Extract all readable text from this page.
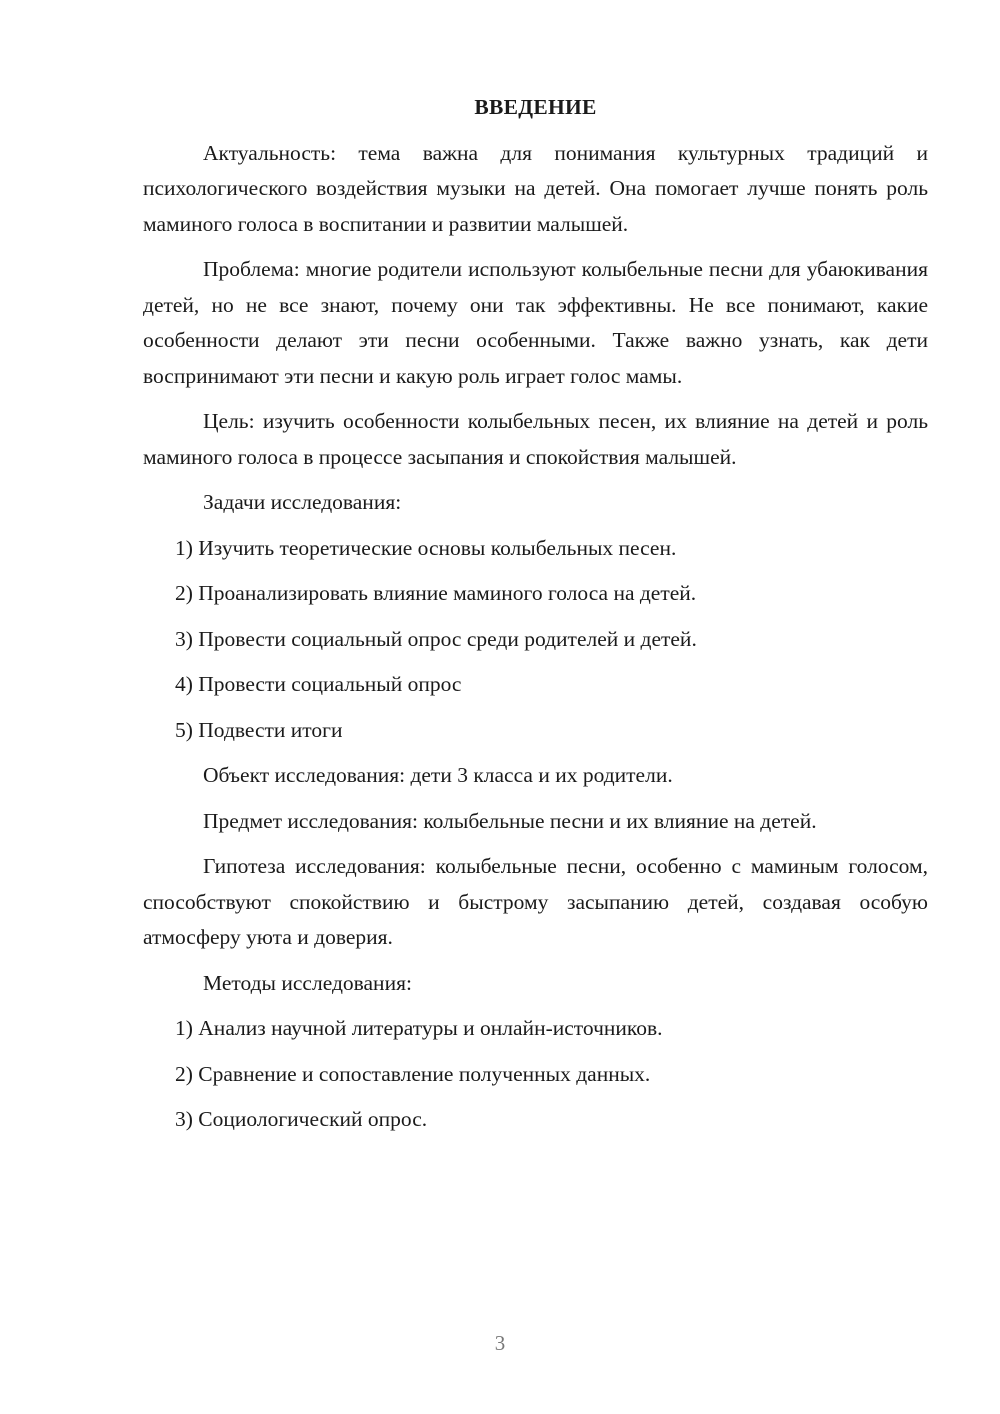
ВВЕДЕНИЕ

Актуальность: тема важна для понимания культурных традиций и психологического воздействия музыки на детей. Она помогает лучше понять роль маминого голоса в воспитании и развитии малышей.

Проблема: многие родители используют колыбельные песни для убаюкивания детей, но не все знают, почему они так эффективны. Не все понимают, какие особенности делают эти песни особенными. Также важно узнать, как дети воспринимают эти песни и какую роль играет голос мамы.

Цель: изучить особенности колыбельных песен, их влияние на детей и роль маминого голоса в процессе засыпания и спокойствия малышей.

Задачи исследования:
1) Изучить теоретические основы колыбельных песен.
2) Проанализировать влияние маминого голоса на детей.
3) Провести социальный опрос среди родителей и детей.
4) Провести социальный опрос
5) Подвести итоги
Объект исследования: дети 3 класса и их родители.
Предмет исследования: колыбельные песни и их влияние на детей.

Гипотеза исследования: колыбельные песни, особенно с маминым голосом, способствуют спокойствию и быстрому засыпанию детей, создавая особую атмосферу уюта и доверия.

Методы исследования:
1) Анализ научной литературы и онлайн-источников.
2) Сравнение и сопоставление полученных данных.
3) Социологический опрос.
3
